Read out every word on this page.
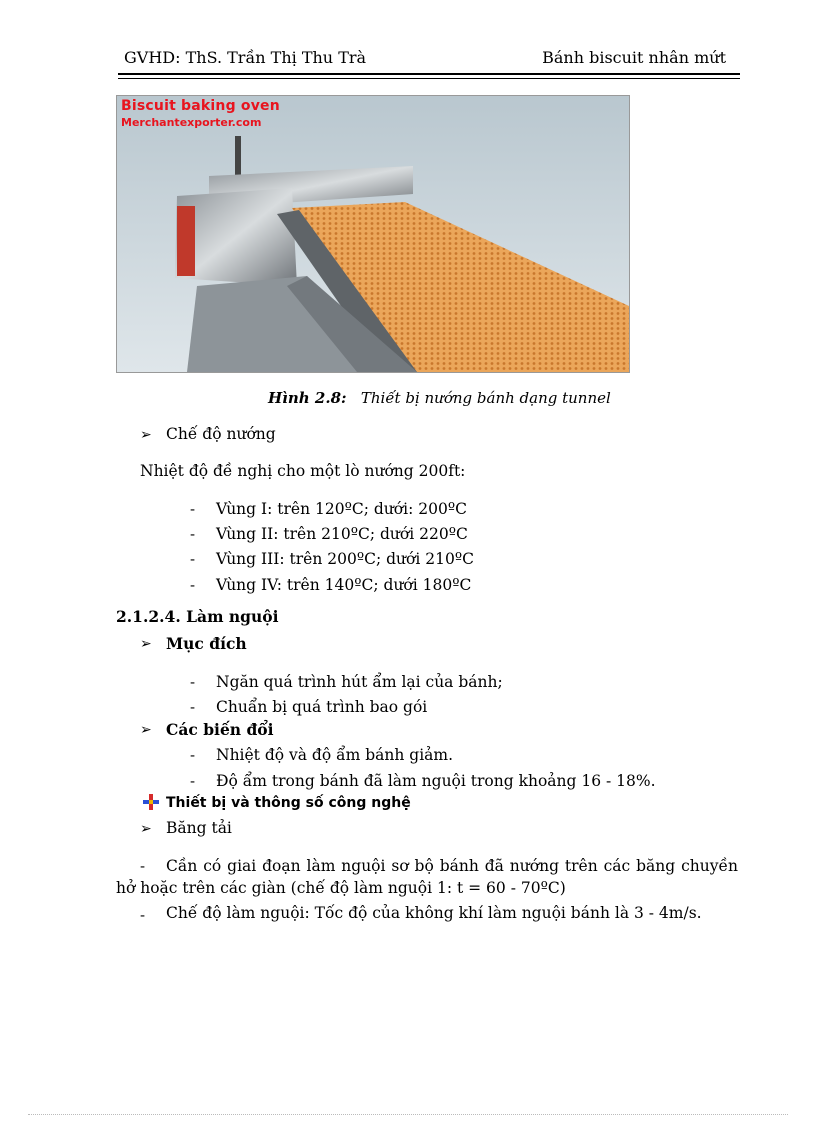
GVHD: ThS. Trần Thị Thu Trà	Bánh biscuit nhân mứt
Biscuit baking oven
Merchantexporter.com
Hình 2.8: Thiết bị nướng bánh dạng tunnel
➢ Chế độ nướng
Nhiệt độ đề nghị cho một lò nướng 200ft:
- Vùng I: trên 120ºC; dưới: 200ºC
- Vùng II: trên 210ºC; dưới 220ºC
- Vùng III: trên 200ºC; dưới 210ºC
- Vùng IV: trên 140ºC; dưới 180ºC
2.1.2.4. Làm nguội
➢ Mục đích
- Ngăn quá trình hút ẩm lại của bánh;
- Chuẩn bị quá trình bao gói
➢ Các biến đổi
- Nhiệt độ và độ ẩm bánh giảm.
- Độ ẩm trong bánh đã làm nguội trong khoảng 16 - 18%.
Thiết bị và thông số công nghệ
➢ Băng tải
-	Cần có giai đoạn làm nguội sơ bộ bánh đã nướng trên các băng chuyền hở hoặc trên các giàn (chế độ làm nguội 1: t = 60 - 70ºC)
- Chế độ làm nguội: Tốc độ của không khí làm nguội bánh là 3 - 4m/s.
